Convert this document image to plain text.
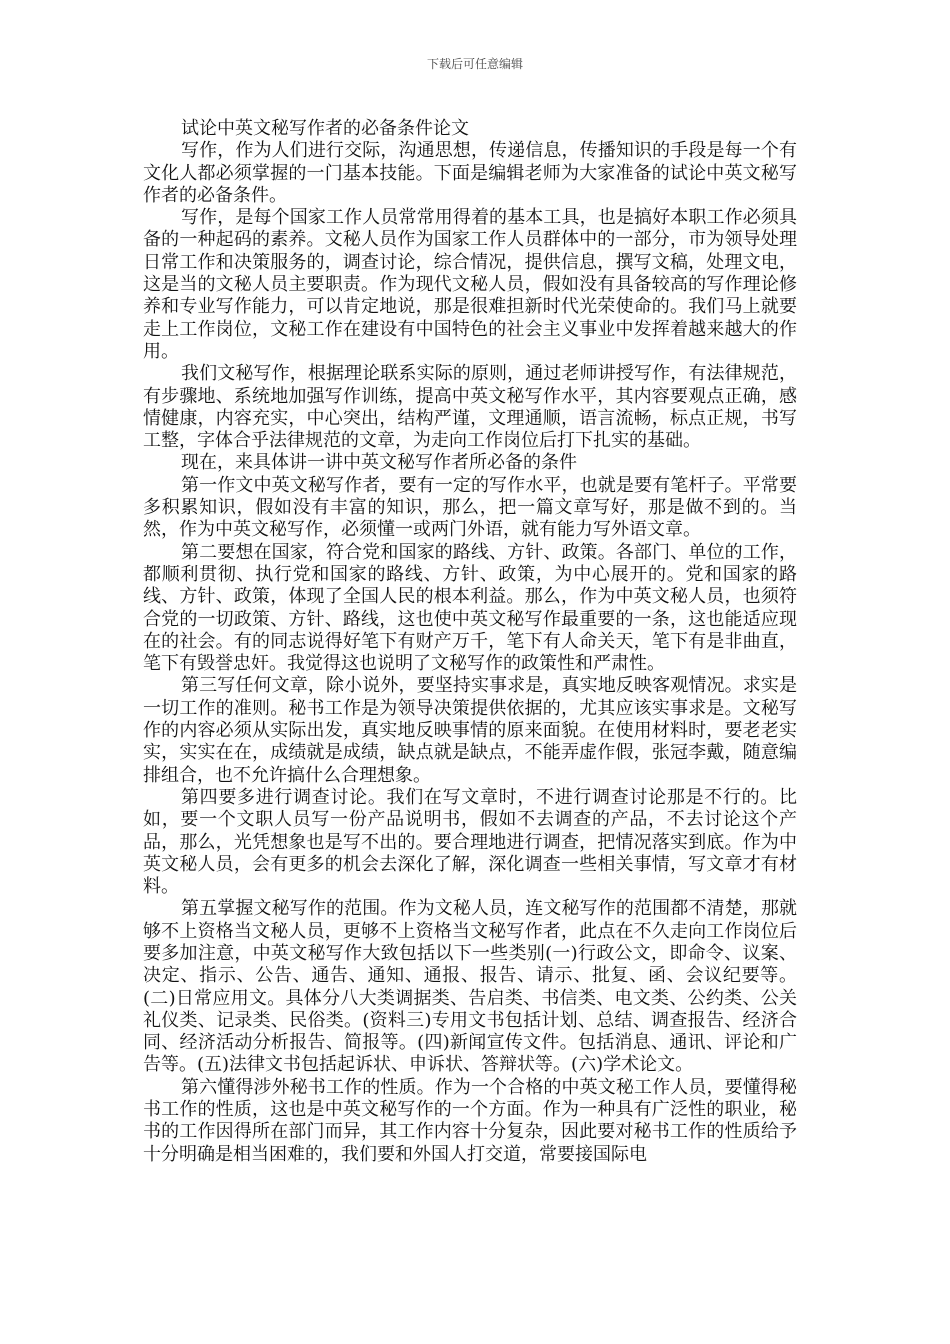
下载后可任意编辑

试论中英文秘写作者的必备条件论文

写作，作为人们进行交际，沟通思想，传递信息，传播知识的手段是每一个有文化人都必须掌握的一门基本技能。下面是编辑老师为大家准备的试论中英文秘写作者的必备条件。

写作，是每个国家工作人员常常用得着的基本工具，也是搞好本职工作必须具备的一种起码的素养。文秘人员作为国家工作人员群体中的一部分，市为领导处理日常工作和决策服务的，调查讨论，综合情况，提供信息，撰写文稿，处理文电，这是当的文秘人员主要职责。作为现代文秘人员，假如没有具备较高的写作理论修养和专业写作能力，可以肯定地说，那是很难担新时代光荣使命的。我们马上就要走上工作岗位，文秘工作在建设有中国特色的社会主义事业中发挥着越来越大的作用。

我们文秘写作，根据理论联系实际的原则，通过老师讲授写作，有法律规范，有步骤地、系统地加强写作训练，提高中英文秘写作水平，其内容要观点正确，感情健康，内容充实，中心突出，结构严谨，文理通顺，语言流畅，标点正规，书写工整，字体合乎法律规范的文章，为走向工作岗位后打下扎实的基础。

现在，来具体讲一讲中英文秘写作者所必备的条件

第一作文中英文秘写作者，要有一定的写作水平，也就是要有笔杆子。平常要多积累知识，假如没有丰富的知识，那么，把一篇文章写好，那是做不到的。当然，作为中英文秘写作，必须懂一或两门外语，就有能力写外语文章。

第二要想在国家，符合党和国家的路线、方针、政策。各部门、单位的工作，都顺利贯彻、执行党和国家的路线、方针、政策，为中心展开的。党和国家的路线、方针、政策，体现了全国人民的根本利益。那么，作为中英文秘人员，也须符合党的一切政策、方针、路线，这也使中英文秘写作最重要的一条，这也能适应现在的社会。有的同志说得好笔下有财产万千，笔下有人命关天，笔下有是非曲直，笔下有毁誉忠奸。我觉得这也说明了文秘写作的政策性和严肃性。

第三写任何文章，除小说外，要坚持实事求是，真实地反映客观情况。求实是一切工作的准则。秘书工作是为领导决策提供依据的，尤其应该实事求是。文秘写作的内容必须从实际出发，真实地反映事情的原来面貌。在使用材料时，要老老实实，实实在在，成绩就是成绩，缺点就是缺点，不能弄虚作假，张冠李戴，随意编排组合，也不允许搞什么合理想象。

第四要多进行调查讨论。我们在写文章时，不进行调查讨论那是不行的。比如，要一个文职人员写一份产品说明书，假如不去调查的产品，不去讨论这个产品，那么，光凭想象也是写不出的。要合理地进行调查，把情况落实到底。作为中英文秘人员，会有更多的机会去深化了解，深化调查一些相关事情，写文章才有材料。

第五掌握文秘写作的范围。作为文秘人员，连文秘写作的范围都不清楚，那就够不上资格当文秘人员，更够不上资格当文秘写作者，此点在不久走向工作岗位后要多加注意，中英文秘写作大致包括以下一些类别(一)行政公文，即命令、议案、决定、指示、公告、通告、通知、通报、报告、请示、批复、函、会议纪要等。(二)日常应用文。具体分八大类调据类、告启类、书信类、电文类、公约类、公关礼仪类、记录类、民俗类。(资料三)专用文书包括计划、总结、调查报告、经济合同、经济活动分析报告、简报等。(四)新闻宣传文件。包括消息、通讯、评论和广告等。(五)法律文书包括起诉状、申诉状、答辩状等。(六)学术论文。

第六懂得涉外秘书工作的性质。作为一个合格的中英文秘工作人员，要懂得秘书工作的性质，这也是中英文秘写作的一个方面。作为一种具有广泛性的职业，秘书的工作因得所在部门而异，其工作内容十分复杂，因此要对秘书工作的性质给予十分明确是相当困难的，我们要和外国人打交道，常要接国际电
